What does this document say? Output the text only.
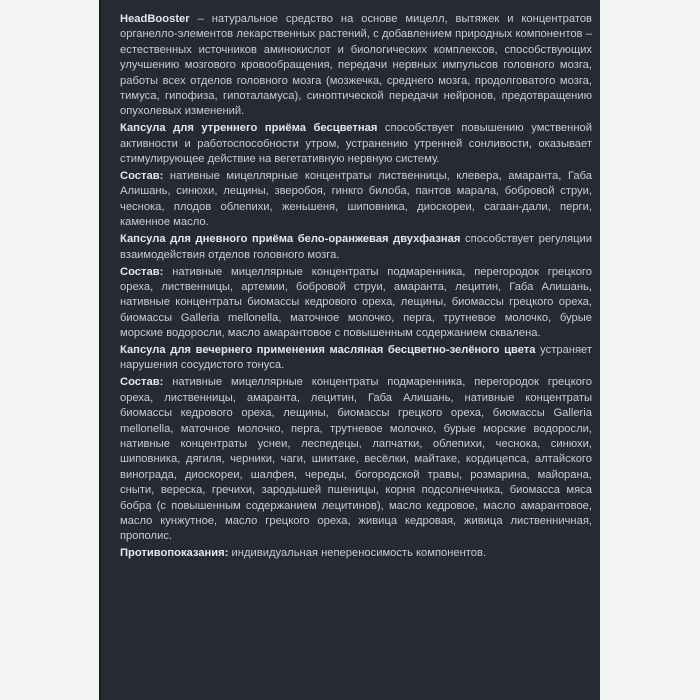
HeadBooster – натуральное средство на основе мицелл, вытяжек и концентратов органелло-элементов лекарственных растений, с добавлением природных компонентов – естественных источников аминокислот и биологических комплексов, способствующих улучшению мозгового кровообращения, передачи нервных импульсов головного мозга, работы всех отделов головного мозга (мозжечка, среднего мозга, продолговатого мозга, тимуса, гипофиза, гипоталамуса), синоптической передачи нейронов, предотвращению опухолевых изменений.

Капсула для утреннего приёма бесцветная способствует повышению умственной активности и работоспособности утром, устранению утренней сонливости, оказывает стимулирующее действие на вегетативную нервную систему.

Состав: нативные мицеллярные концентраты лиственницы, клевера, амаранта, Габа Алишань, синюхи, лещины, зверобоя, гинкго билоба, пантов марала, бобровой струи, чеснока, плодов облепихи, женьшеня, шиповника, диоскореи, сагаан-дали, перги, каменное масло.

Капсула для дневного приёма бело-оранжевая двухфазная способствует регуляции взаимодействия отделов головного мозга.

Состав: нативные мицеллярные концентраты подмаренника, перегородок грецкого ореха, лиственницы, артемии, бобровой струи, амаранта, лецитин, Габа Алишань, нативные концентраты биомассы кедрового ореха, лещины, биомассы грецкого ореха, биомассы Galleria mellonella, маточное молочко, перга, трутневое молочко, бурые морские водоросли, масло амарантовое с повышенным содержанием сквалена.

Капсула для вечернего применения масляная бесцветно-зелёного цвета устраняет нарушения сосудистого тонуса.

Состав: нативные мицеллярные концентраты подмаренника, перегородок грецкого ореха, лиственницы, амаранта, лецитин, Габа Алишань, нативные концентраты биомассы кедрового ореха, лещины, биомассы грецкого ореха, биомассы Galleria mellonella, маточное молочко, перга, трутневое молочко, бурые морские водоросли, нативные концентраты уснеи, леспедецы, лапчатки, облепихи, чеснока, синюхи, шиповника, дягиля, черники, чаги, шиитаке, весёлки, майтаке, кордицепса, алтайского винограда, диоскореи, шалфея, череды, богородской травы, розмарина, майорана, сныти, вереска, гречихи, зародышей пшеницы, корня подсолнечника, биомасса мяса бобра (с повышенным содержанием лецитинов), масло кедровое, масло амарантовое, масло кунжутное, масло грецкого ореха, живица кедровая, живица лиственничная, прополис.

Противопоказания: индивидуальная непереносимость компонентов.
